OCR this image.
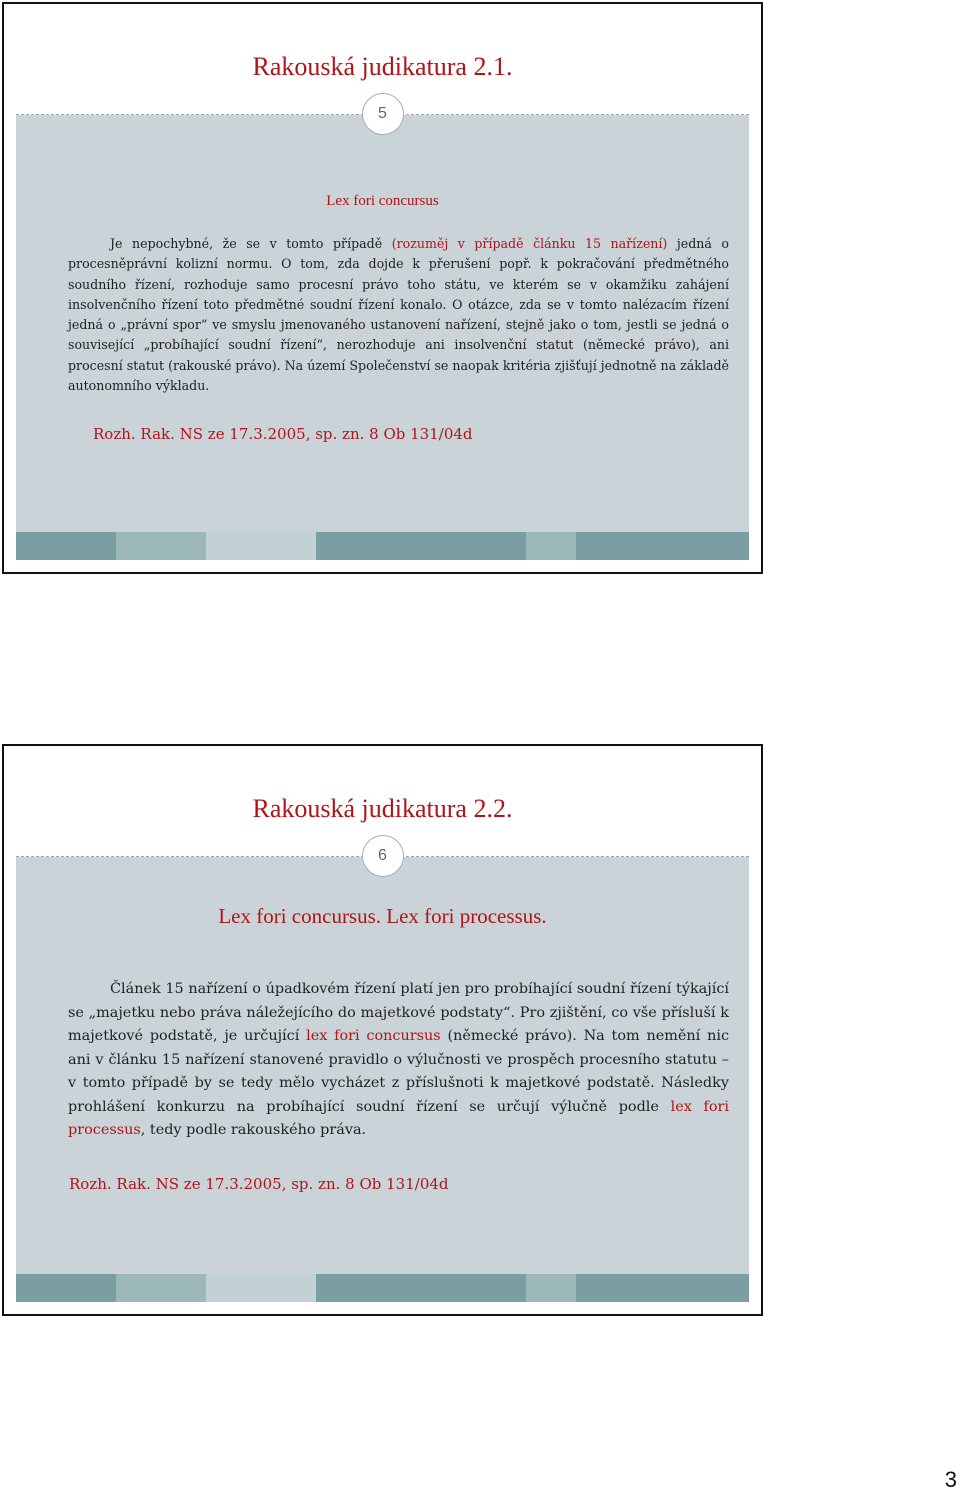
Rakouská judikatura 2.1.
Lex fori concursus
Je nepochybné, že se v tomto případě (rozuměj v případě článku 15 nařízení) jedná o procesněprávní kolizní normu. O tom, zda dojde k přerušení popř. k pokračování předmětného soudního řízení, rozhoduje samo procesní právo toho státu, ve kterém se v okamžiku zahájení insolvenčního řízení toto předmětné soudní řízení konalo. O otázce, zda se v tomto nalézacím řízení jedná o „právní spor“ ve smyslu jmenovaného ustanovení nařízení, stejně jako o tom, jestli se jedná o související „probíhající soudní řízení“, nerozhoduje ani insolvenční statut (německé právo), ani procesní statut (rakouské právo). Na území Společenství se naopak kritéria zjišťují jednotně na základě autonomního výkladu.
Rozh. Rak. NS ze 17.3.2005, sp. zn. 8 Ob 131/04d
5
Rakouská judikatura 2.2.
Lex fori concursus. Lex fori processus.
Článek 15 nařízení o úpadkovém řízení platí jen pro probíhající soudní řízení týkající se „majetku nebo práva náležejícího do majetkové podstaty“. Pro zjištění, co vše přísluší k majetkové podstatě, je určující lex fori concursus (německé právo). Na tom nemění nic ani v článku 15 nařízení stanovené pravidlo o výlučnosti ve prospěch procesního statutu – v tomto případě by se tedy mělo vycházet z příslušnoti k majetkové podstatě. Následky prohlášení konkurzu na probíhající soudní řízení se určují výlučně podle lex fori processus, tedy podle rakouského práva.
Rozh. Rak. NS ze 17.3.2005, sp. zn. 8 Ob 131/04d
6
3
